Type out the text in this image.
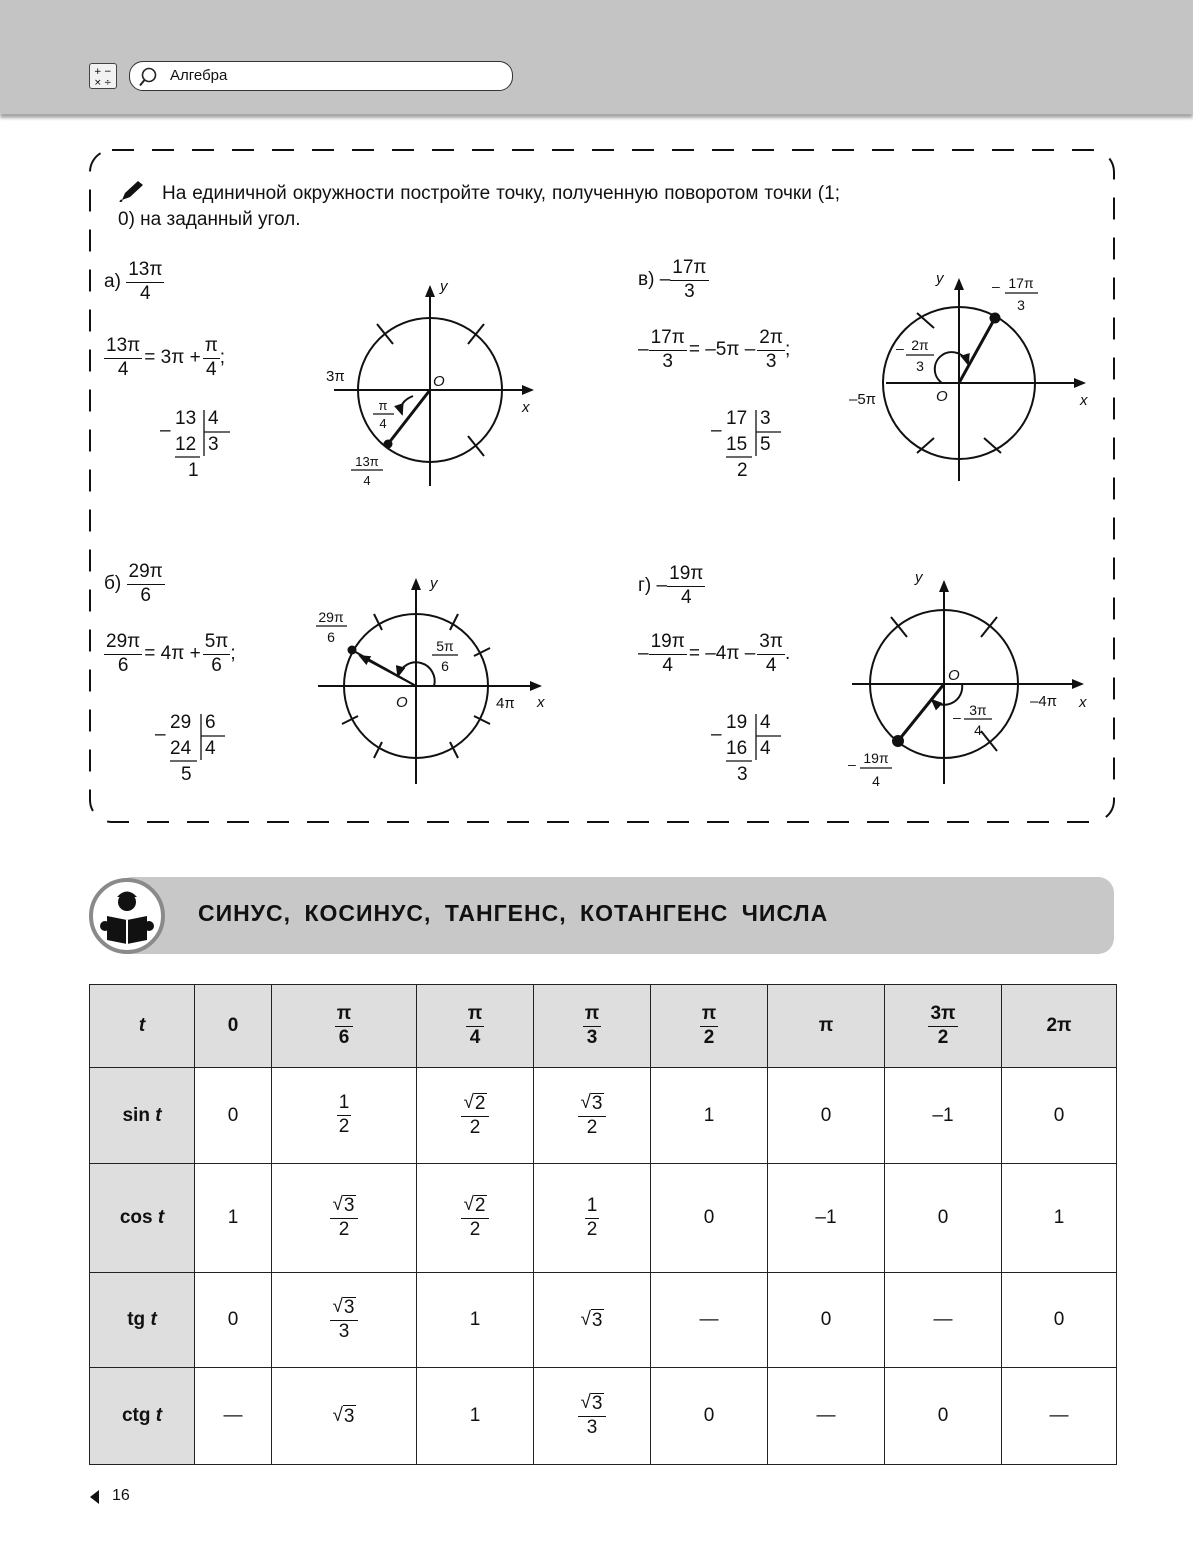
+ −
× ÷	Алгебра
На единичной окружности постройте точку, полученную поворотом точки (1; 0) на заданный угол.
а)
$\frac{13\pi}{4}$
$\frac{13\pi}{4} = 3\pi + \frac{\pi}{4}$ ;
–
13 4
12 3
1
б)
$\frac{29\pi}{6}$
$\frac{29\pi}{6} = 4\pi + \frac{5\pi}{6}$ ;
–
29 6
24 4
5
в)
– $\frac{17\pi}{3}$
– $\frac{17\pi}{3} = -5\pi - \frac{2\pi}{3}$ ;
–
17 3
15 5
2
г)
– $\frac{19\pi}{4}$
– $\frac{19\pi}{4} = -4\pi - \frac{3\pi}{4}$ .
–
19 4
16 4
3
y
x
O
3π
π
4
13π
4
y
x
O	4π
5π
6
29π
6
y
x
O
–5π
– 2π
3
– 17π
3
y
x
O
–4π
– 3π
4
– 19π
4
СИНУС, КОСИНУС, ТАНГЕНС, КОТАНГЕНС ЧИСЛА
t	0	$\frac{\pi}{6}$	$\frac{\pi}{4}$	$\frac{\pi}{3}$	$\frac{\pi}{2}$	π	$\frac{3\pi}{2}$	2π
sin t	0	$\frac{1}{2}$	$\frac{√ 2}{2}$	$\frac{√ 3}{2}$	1	0	–1	0
cos t	1	$\frac{√ 3}{2}$	$\frac{√ 2}{2}$	$\frac{1}{2}$	0	–1	0	1
tg t	0	$\frac{√ 3}{3}$	1	√ 3	—	0	—	0
ctg t	—	√ 3	1	$\frac{√ 3}{3}$	0	—	0	—
16
